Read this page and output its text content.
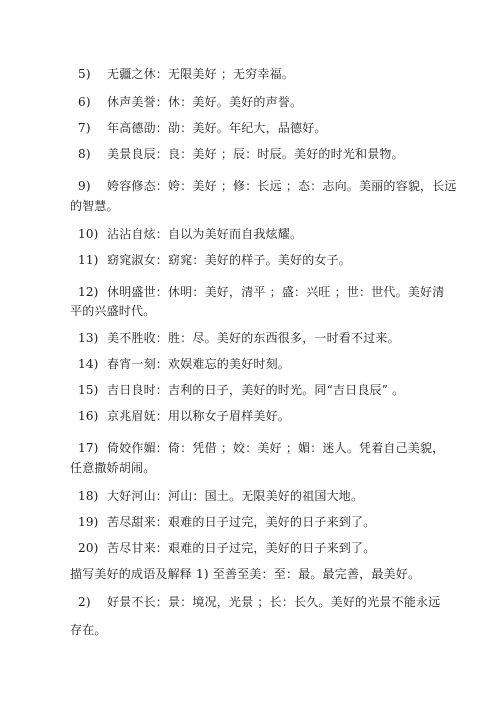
5) 无疆之休：无限美好 ；无穷幸福。
6) 休声美誉：休：美好。美好的声誉。
7) 年高德劭：劭：美好。年纪大，品德好。
8) 美景良辰：良：美好 ；辰：时辰。美好的时光和景物。
9) 姱容修态：姱：美好 ；修：长远 ；态：志向。美丽的容貌，长远
的智慧。
10) 沾沾自炫：自以为美好而自我炫耀。
11) 窈窕淑女：窈窕：美好的样子。美好的女子。
12) 休明盛世：休明：美好，清平 ；盛：兴旺 ；世：世代。美好清
平的兴盛时代。
13) 美不胜收：胜：尽。美好的东西很多，一时看不过来。
14) 春宵一刻：欢娱难忘的美好时刻。
15) 吉日良时：吉利的日子，美好的时光。同“吉日良辰” 。
16) 京兆眉妩：用以称女子眉样美好。
17) 倚姣作媚：倚：凭借 ；姣：美好 ；媚：迷人。凭着自己美貌，
任意撒娇胡闹。
18) 大好河山：河山：国土。无限美好的祖国大地。
19) 苦尽甜来：艰难的日子过完，美好的日子来到了。
20) 苦尽甘来：艰难的日子过完，美好的日子来到了。
描写美好的成语及解释 1) 至善至美：至：最。最完善，最美好。
2) 好景不长：景：境况，光景 ；长：长久。美好的光景不能永远
存在。
